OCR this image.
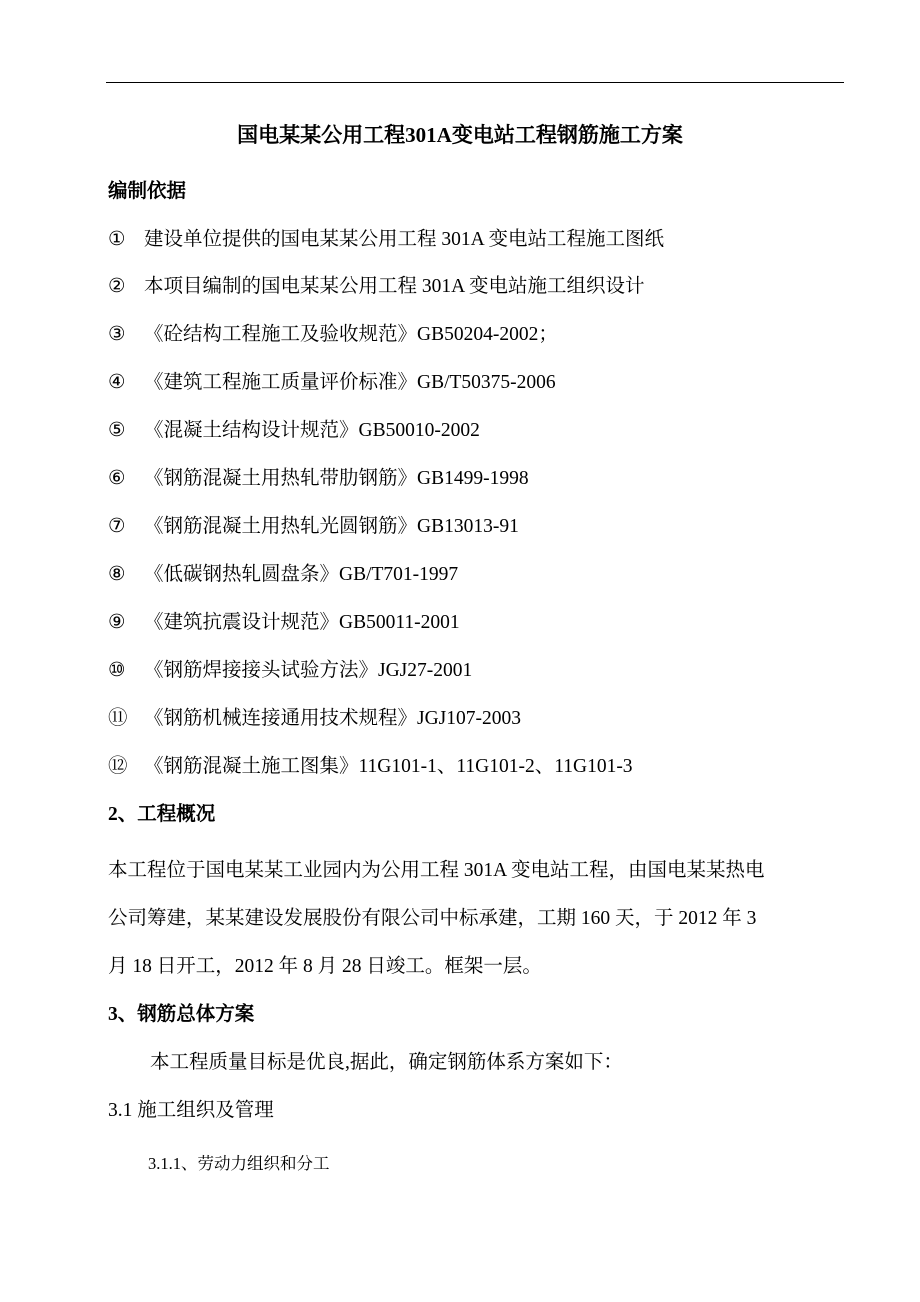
国电某某公用工程301A变电站工程钢筋施工方案
编制依据
① 建设单位提供的国电某某公用工程 301A 变电站工程施工图纸
② 本项目编制的国电某某公用工程 301A 变电站施工组织设计
③ 《砼结构工程施工及验收规范》GB50204-2002；
④ 《建筑工程施工质量评价标准》GB/T50375-2006
⑤ 《混凝土结构设计规范》GB50010-2002
⑥ 《钢筋混凝土用热轧带肋钢筋》GB1499-1998
⑦ 《钢筋混凝土用热轧光圆钢筋》GB13013-91
⑧ 《低碳钢热轧圆盘条》GB/T701-1997
⑨ 《建筑抗震设计规范》GB50011-2001
⑩ 《钢筋焊接接头试验方法》JGJ27-2001
⑪ 《钢筋机械连接通用技术规程》JGJ107-2003
⑫ 《钢筋混凝土施工图集》11G101-1、11G101-2、11G101-3
2、工程概况
本工程位于国电某某工业园内为公用工程 301A 变电站工程，由国电某某热电
公司筹建，某某建设发展股份有限公司中标承建，工期 160 天，于 2012 年 3
月 18 日开工，2012 年 8 月 28 日竣工。框架一层。
3、钢筋总体方案
本工程质量目标是优良,据此，确定钢筋体系方案如下：
3.1 施工组织及管理
3.1.1、劳动力组织和分工
